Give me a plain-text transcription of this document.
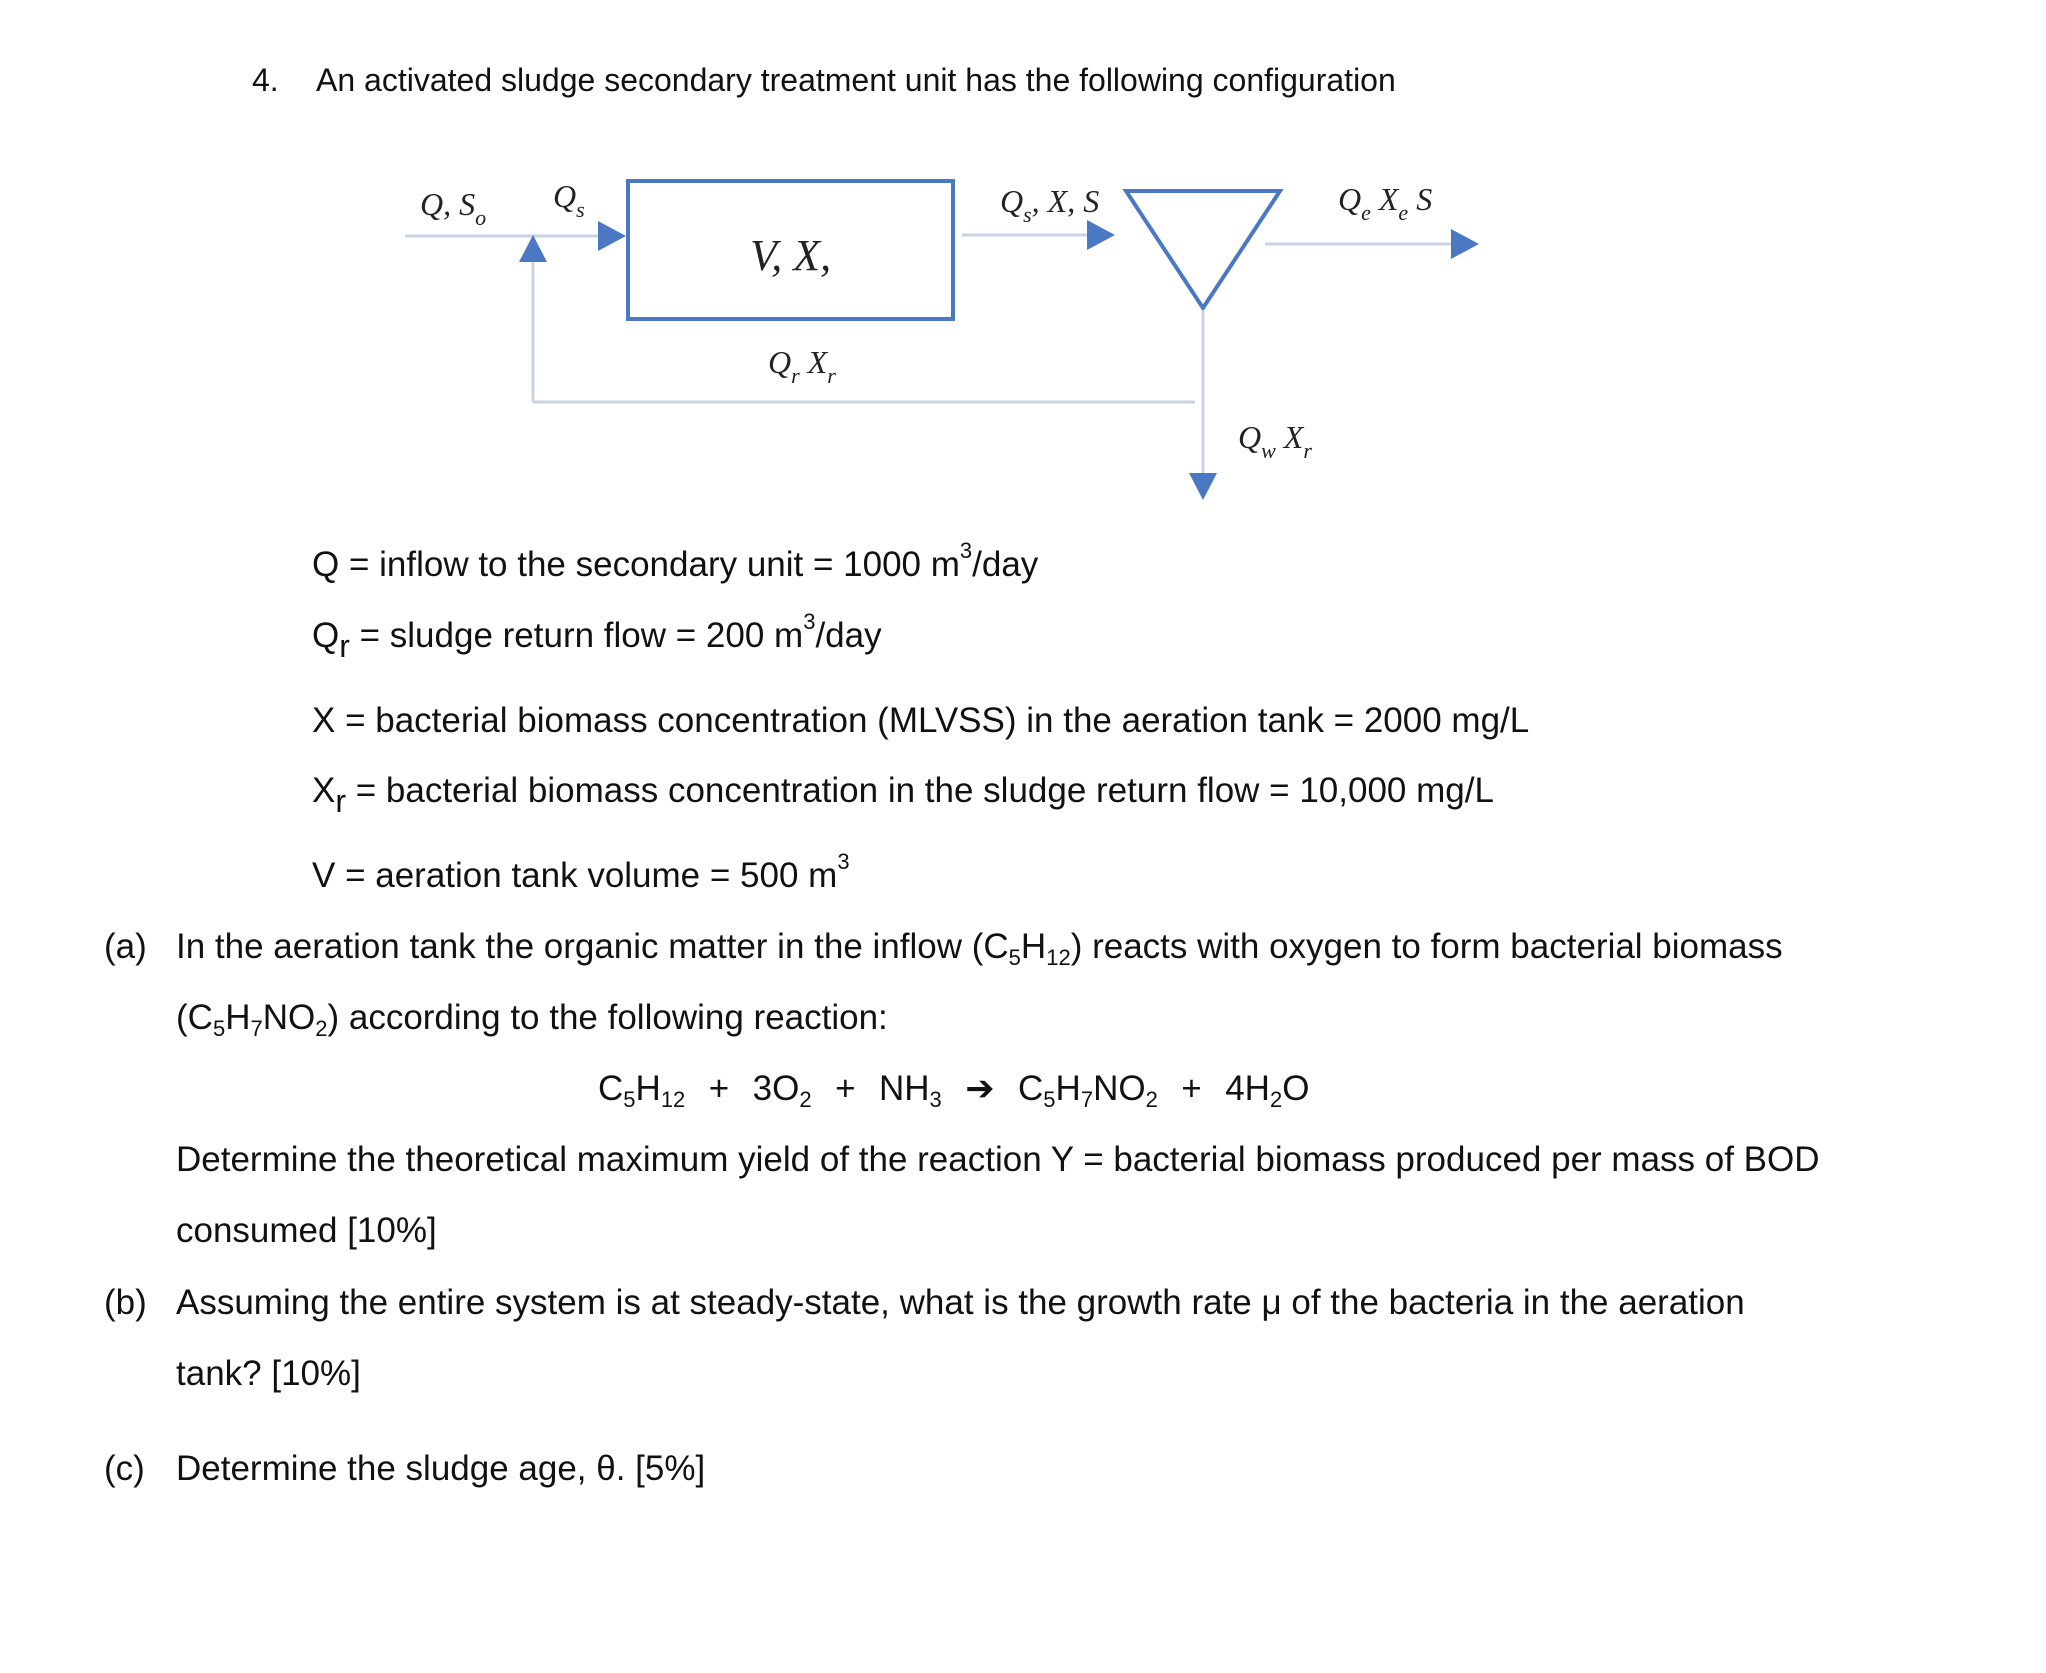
4. An activated sludge secondary treatment unit has the following configuration
Q, $S_o$
$Q_s$
V, X,
$Q_s$, X, S	$Q_e$ $X_e$ S
$Q_r$ $X_r$
$Q_w$ $X_r$
Q = inflow to the secondary unit = 1000 $m^3$/day
$Q_r$ = sludge return flow = 200 $m^3$/day
X = bacterial biomass concentration (MLVSS) in the aeration tank = 2000 mg/L
$X_r$ = bacterial biomass concentration in the sludge return flow = 10,000 mg/L
V = aeration tank volume = 500 $m^3$
(a) In the aeration tank the organic matter in the inflow $(C_5H_{12})$ reacts with oxygen to form bacterial biomass
$(C_5H_7NO_2)$ according to the following reaction:
$C_5H_{12} + 3O_2 + NH_3$ ➔ $C_5H_7NO_2 + 4H_2O$
Determine the theoretical maximum yield of the reaction Y = bacterial biomass produced per mass of BOD
consumed [10%]
(b) Assuming the entire system is at steady-state, what is the growth rate μ of the bacteria in the aeration
tank? [10%]
(c) Determine the sludge age, θ. [5%]
